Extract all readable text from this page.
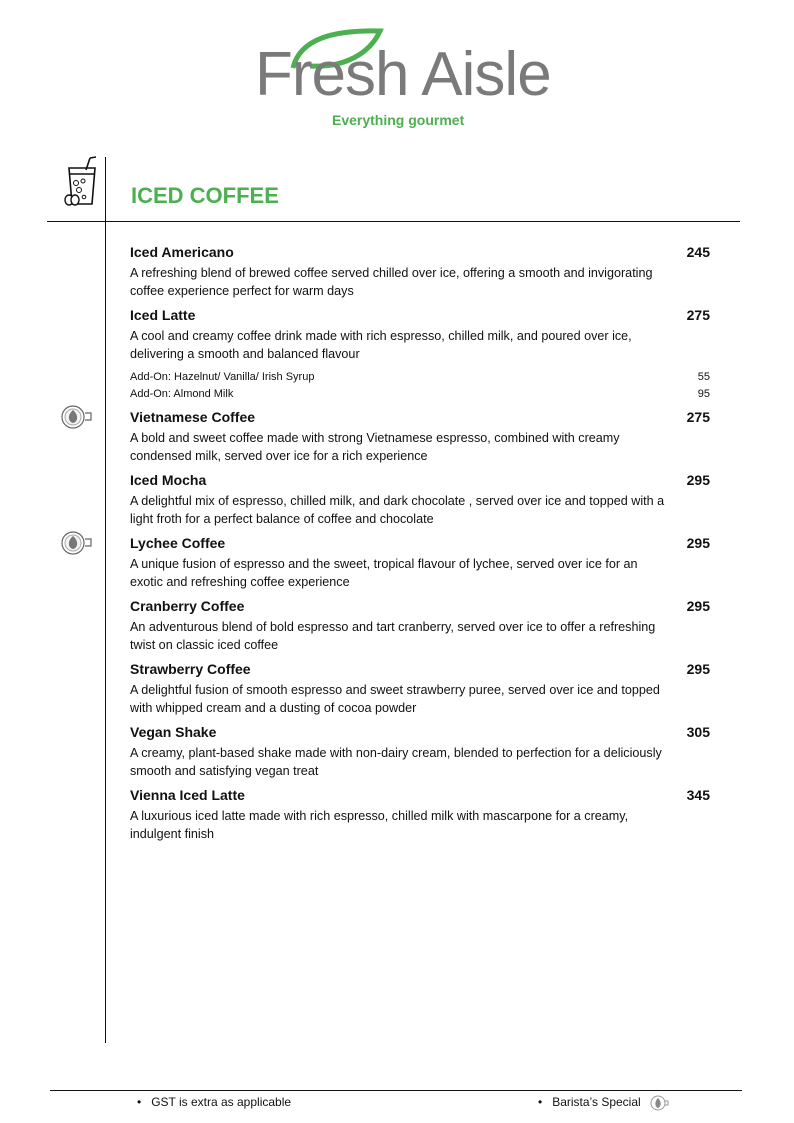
Fresh Aisle
Everything gourmet
ICED COFFEE
Iced Americano	245
A refreshing blend of brewed coffee served chilled over ice, offering a smooth and invigorating coffee experience perfect for warm days
Iced Latte	275
A cool and creamy coffee drink made with rich espresso, chilled milk, and poured over ice, delivering a smooth and balanced flavour
Add-On: Hazelnut/ Vanilla/ Irish Syrup	55
Add-On: Almond Milk	95
Vietnamese Coffee	275
A bold and sweet coffee made with strong Vietnamese espresso, combined with creamy condensed milk, served over ice for a rich experience
Iced Mocha	295
A delightful mix of espresso, chilled milk, and dark chocolate , served over ice and topped with a light froth for a perfect balance of coffee and chocolate
Lychee Coffee	295
A unique fusion of espresso and the sweet, tropical flavour of lychee, served over ice for an exotic and refreshing coffee experience
Cranberry Coffee	295
An adventurous blend of bold espresso and tart cranberry, served over ice to offer a refreshing twist on classic iced coffee
Strawberry Coffee	295
A delightful fusion of smooth espresso and sweet strawberry puree, served over ice and topped with whipped cream and a dusting of cocoa powder
Vegan Shake	305
A creamy, plant-based shake made with non-dairy cream, blended to perfection for a deliciously smooth and satisfying vegan treat
Vienna Iced Latte	345
A luxurious iced latte made with rich espresso, chilled milk with mascarpone for a creamy, indulgent finish
• GST is extra as applicable	• Barista’s Special
